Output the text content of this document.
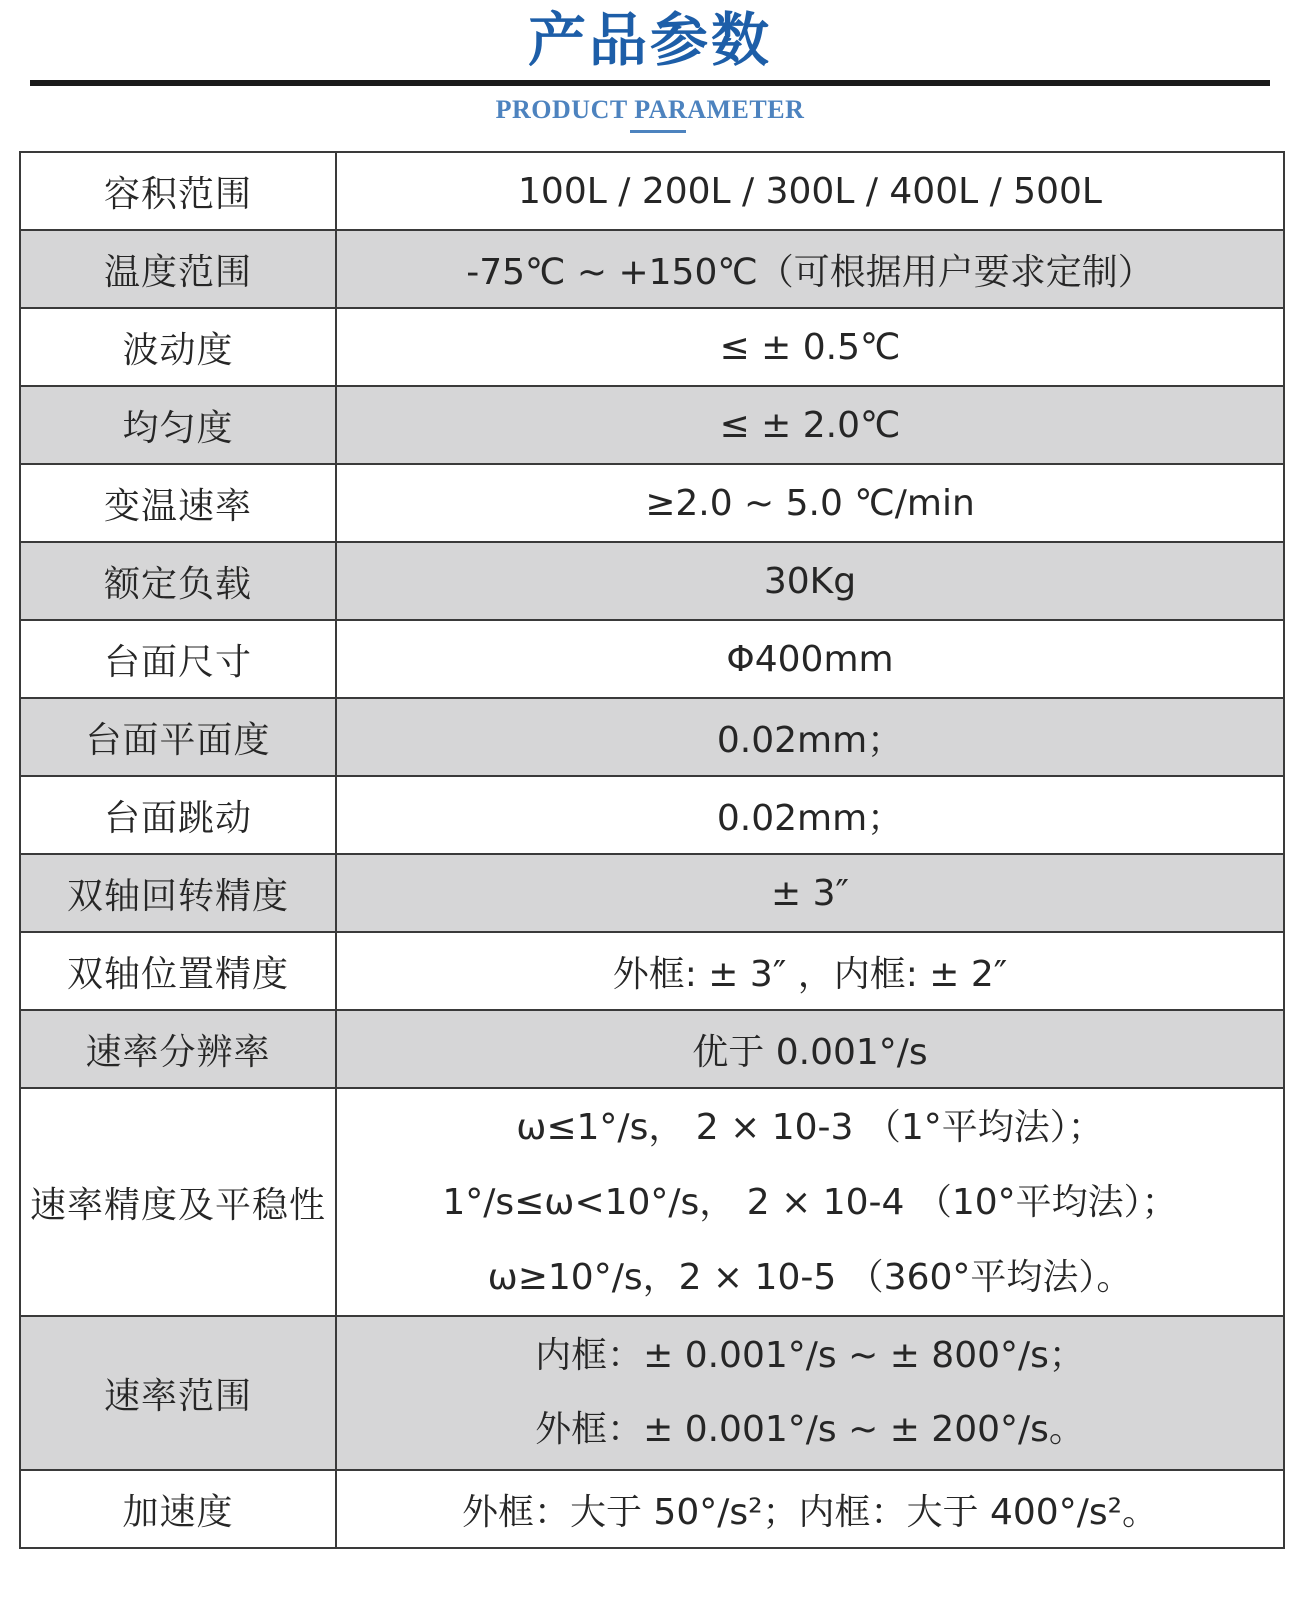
产品参数
PRODUCT PARAMETER
容积范围	100L / 200L / 300L / 400L / 500L
温度范围	-75℃ ~ +150℃（可根据用户要求定制）
波动度	≤ ± 0.5℃
均匀度	≤ ± 2.0℃
变温速率	≥2.0 ~ 5.0 ℃/min
额定负载	30Kg
台面尺寸	Φ400mm
台面平面度	0.02mm；
台面跳动	0.02mm；
双轴回转精度	± 3″
双轴位置精度	外框: ± 3″ ，内框: ± 2″
速率分辨率	优于 0.001°/s
速率精度及平稳性	ω≤1°/s， 2 × 10-3 （1°平均法）；
1°/s≤ω<10°/s， 2 × 10-4 （10°平均法）；
ω≥10°/s，2 × 10-5 （360°平均法）。

速率范围	内框：± 0.001°/s ~ ± 800°/s；
外框：± 0.001°/s ~ ± 200°/s。

加速度	外框：大于 50°/s²；内框：大于 400°/s²。
